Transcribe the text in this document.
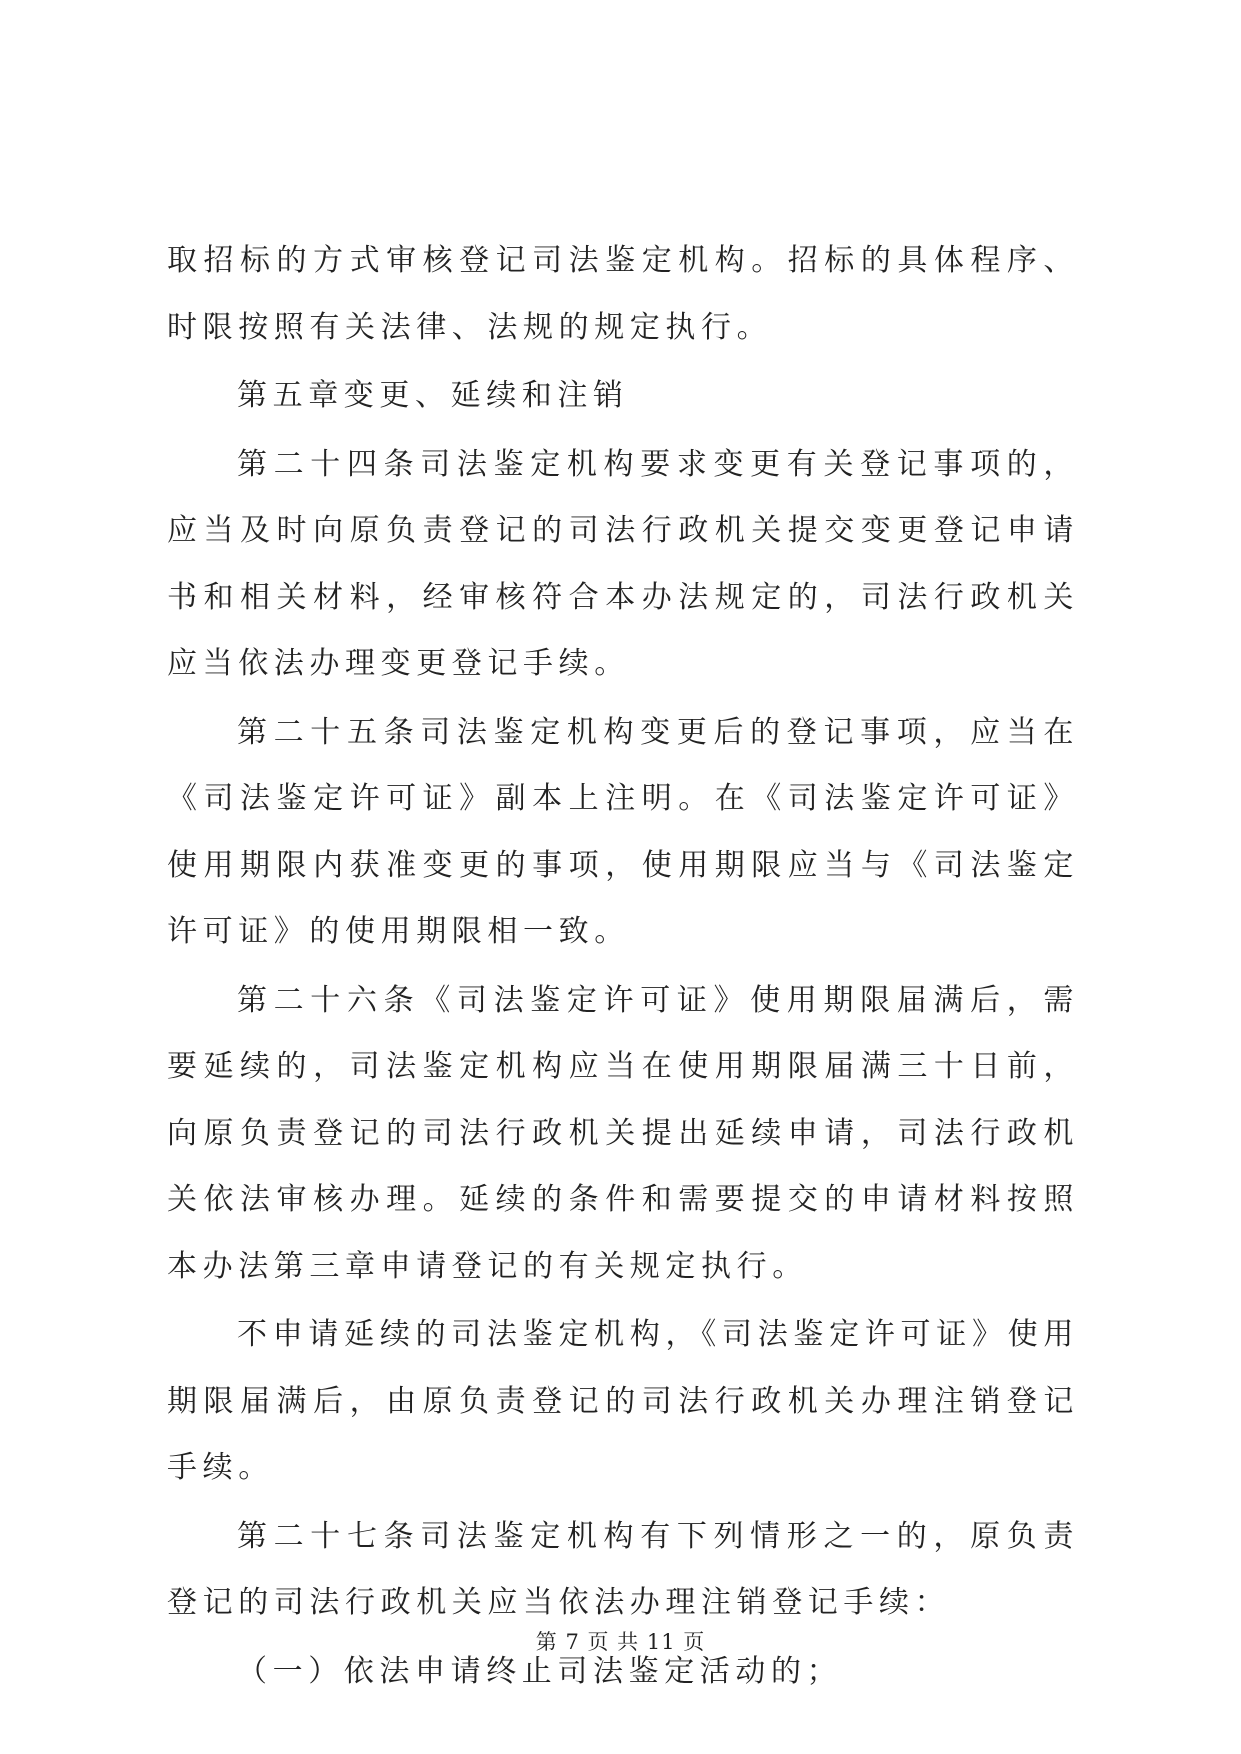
取招标的方式审核登记司法鉴定机构。招标的具体程序、时限按照有关法律、法规的规定执行。

第五章变更、延续和注销

第二十四条司法鉴定机构要求变更有关登记事项的，应当及时向原负责登记的司法行政机关提交变更登记申请书和相关材料，经审核符合本办法规定的，司法行政机关应当依法办理变更登记手续。

第二十五条司法鉴定机构变更后的登记事项，应当在《司法鉴定许可证》副本上注明。在《司法鉴定许可证》使用期限内获准变更的事项，使用期限应当与《司法鉴定许可证》的使用期限相一致。

第二十六条《司法鉴定许可证》使用期限届满后，需要延续的，司法鉴定机构应当在使用期限届满三十日前，向原负责登记的司法行政机关提出延续申请，司法行政机关依法审核办理。延续的条件和需要提交的申请材料按照本办法第三章申请登记的有关规定执行。

不申请延续的司法鉴定机构，《司法鉴定许可证》使用期限届满后，由原负责登记的司法行政机关办理注销登记手续。

第二十七条司法鉴定机构有下列情形之一的，原负责登记的司法行政机关应当依法办理注销登记手续：

（一）依法申请终止司法鉴定活动的；

第 7 页 共 11 页
